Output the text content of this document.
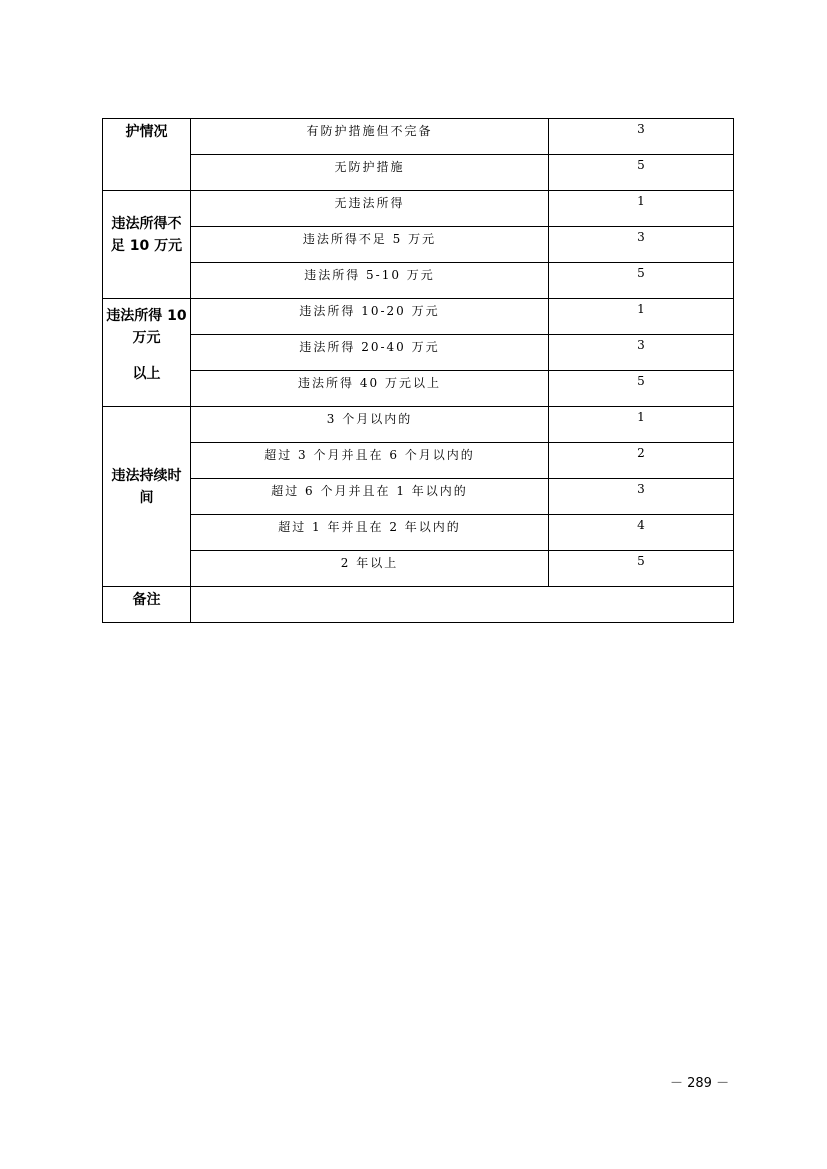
护情况	有防护措施但不完备	3
	无防护措施	5

违法所得不
足 10 万元	无违法所得	1
	违法所得不足 5 万元	3
	违法所得 5-10 万元	5

违法所得 10
万元

以上	违法所得 10-20 万元	1
	违法所得 20-40 万元	3
	违法所得 40 万元以上	5

违法持续时
间	3 个月以内的	1
	超过 3 个月并且在 6 个月以内的	2
	超过 6 个月并且在 1 年以内的	3
	超过 1 年并且在 2 年以内的	4
	2 年以上	5

备注		

－ 289 －
